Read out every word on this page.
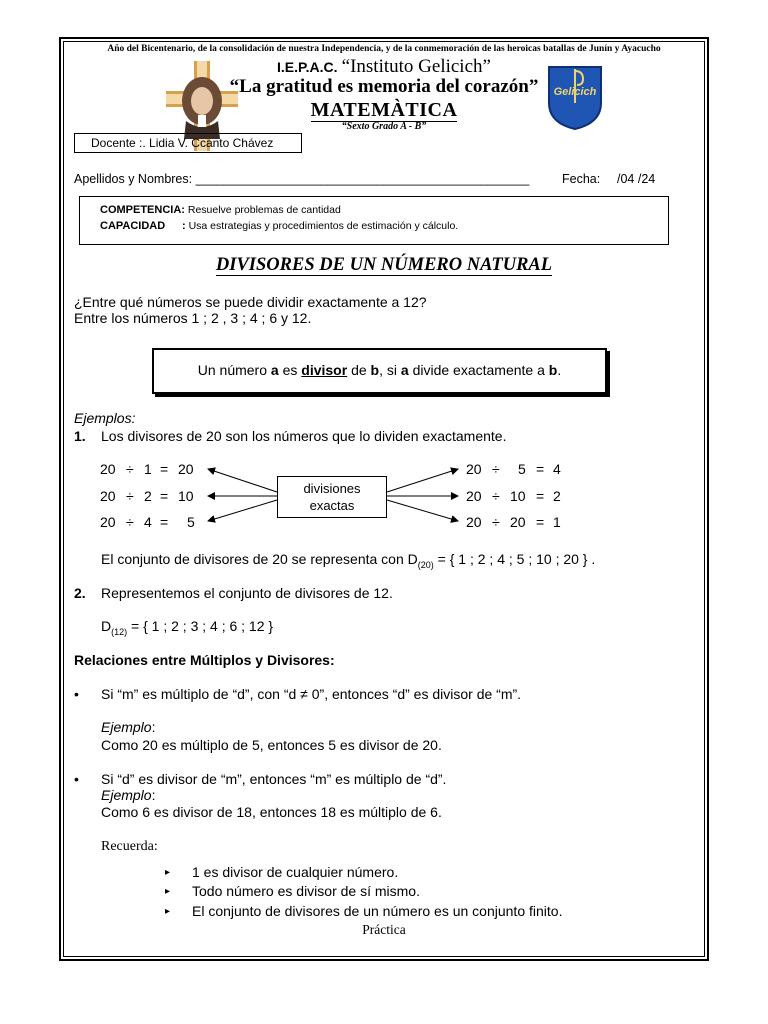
Año del Bicentenario, de la consolidación de nuestra Independencia, y de la conmemoración de las heroicas batallas de Junín y Ayacucho
I.E.P.A.C. “Instituto Gelicich”
“La gratitud es memoria del corazón”
MATEMÀTICA
“Sexto Grado A - B”
Gelicich
Docente :. Lidia V. Ccanto Chávez
Apellidos y Nombres: ________________________________________________	Fecha: /04 /24
COMPETENCIA: Resuelve problemas de cantidad
CAPACIDAD : Usa estrategias y procedimientos de estimación y cálculo.
DIVISORES DE UN NÚMERO NATURAL
¿Entre qué números se puede dividir exactamente a 12?
Entre los números 1 ; 2 , 3 ; 4 ; 6 y 12.
Un número a es divisor de b, si a divide exactamente a b.
Ejemplos:
1. Los divisores de 20 son los números que lo dividen exactamente.
20 ÷ 1 = 20
20 ÷ 2 = 10
20 ÷ 4 = 5
20 ÷ 5 = 4
20 ÷ 10 = 2
20 ÷ 20 = 1
divisiones
exactas
El conjunto de divisores de 20 se representa con $D_{(20)}$ = { 1 ; 2 ; 4 ; 5 ; 10 ; 20 } .
2. Representemos el conjunto de divisores de 12.
$D_{(12)}$ = { 1 ; 2 ; 3 ; 4 ; 6 ; 12 }
Relaciones entre Múltiplos y Divisores:
• Si “m” es múltiplo de “d”, con “d ≠ 0”, entonces “d” es divisor de “m”.
Ejemplo:
Como 20 es múltiplo de 5, entonces 5 es divisor de 20.
• Si “d” es divisor de “m”, entonces “m” es múltiplo de “d”.
Ejemplo:
Como 6 es divisor de 18, entonces 18 es múltiplo de 6.
Recuerda:
▸ 1 es divisor de cualquier número.
▸ Todo número es divisor de sí mismo.
▸ El conjunto de divisores de un número es un conjunto finito.
Práctica
